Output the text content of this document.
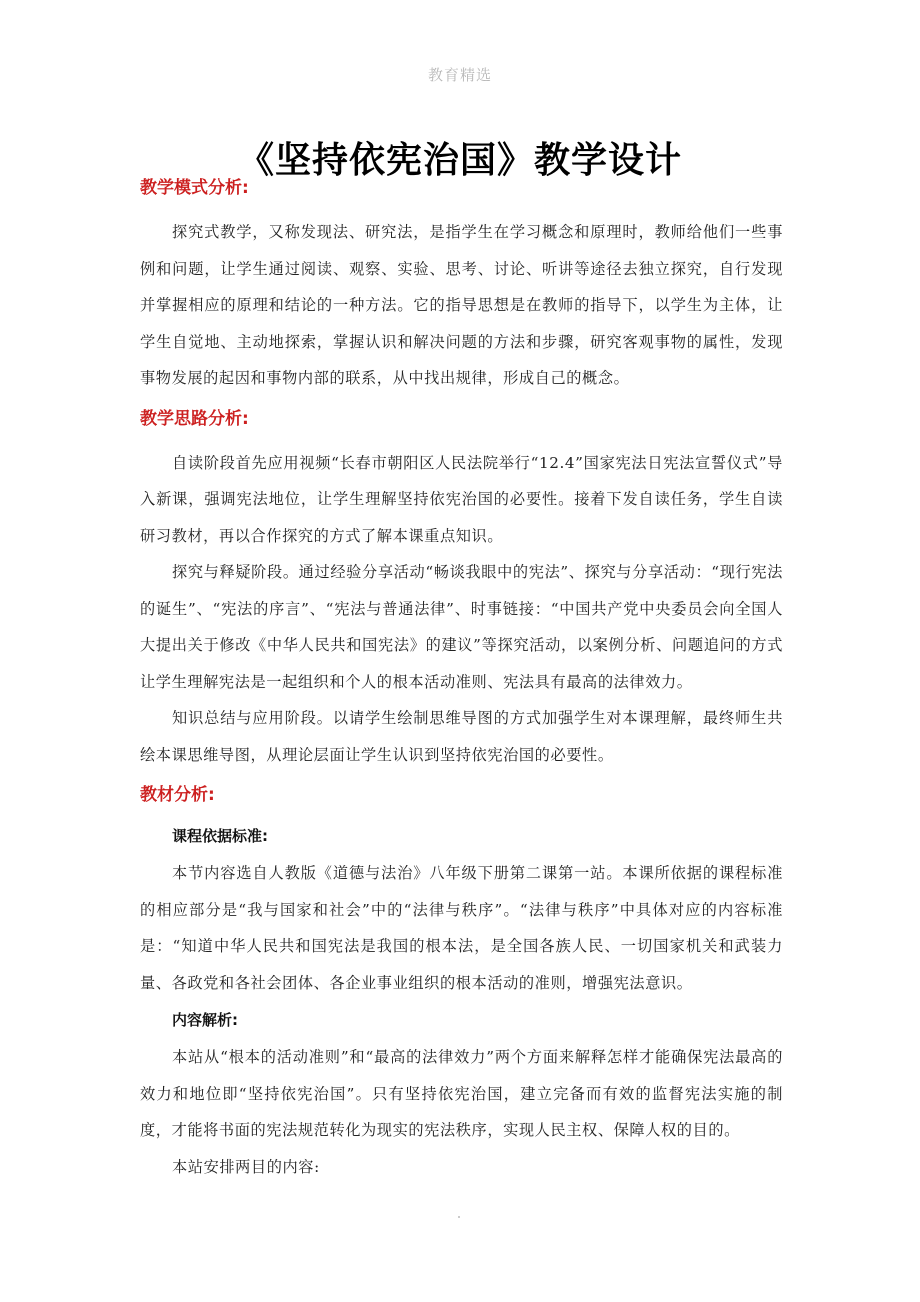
教育精选
《坚持依宪治国》教学设计
教学模式分析:

探究式教学，又称发现法、研究法，是指学生在学习概念和原理时，教师给他们一些事例和问题，让学生通过阅读、观察、实验、思考、讨论、听讲等途径去独立探究，自行发现并掌握相应的原理和结论的一种方法。它的指导思想是在教师的指导下，以学生为主体，让学生自觉地、主动地探索，掌握认识和解决问题的方法和步骤，研究客观事物的属性，发现事物发展的起因和事物内部的联系，从中找出规律，形成自己的概念。

教学思路分析:

自读阶段首先应用视频“长春市朝阳区人民法院举行“12.4”国家宪法日宪法宣誓仪式”导入新课，强调宪法地位，让学生理解坚持依宪治国的必要性。接着下发自读任务，学生自读研习教材，再以合作探究的方式了解本课重点知识。

探究与释疑阶段。通过经验分享活动“畅谈我眼中的宪法”、探究与分享活动：“现行宪法的诞生”、“宪法的序言”、“宪法与普通法律”、时事链接：“中国共产党中央委员会向全国人大提出关于修改《中华人民共和国宪法》的建议”等探究活动，以案例分析、问题追问的方式让学生理解宪法是一起组织和个人的根本活动准则、宪法具有最高的法律效力。

知识总结与应用阶段。以请学生绘制思维导图的方式加强学生对本课理解，最终师生共绘本课思维导图，从理论层面让学生认识到坚持依宪治国的必要性。

教材分析:
课程依据标准:

本节内容选自人教版《道德与法治》八年级下册第二课第一站。本课所依据的课程标准的相应部分是“我与国家和社会”中的“法律与秩序”。“法律与秩序”中具体对应的内容标准是：“知道中华人民共和国宪法是我国的根本法，是全国各族人民、一切国家机关和武装力量、各政党和各社会团体、各企业事业组织的根本活动的准则，增强宪法意识。

内容解析:

本站从“根本的活动准则”和“最高的法律效力”两个方面来解释怎样才能确保宪法最高的效力和地位即“坚持依宪治国”。只有坚持依宪治国，建立完备而有效的监督宪法实施的制度，才能将书面的宪法规范转化为现实的宪法秩序，实现人民主权、保障人权的目的。

本站安排两目的内容:
